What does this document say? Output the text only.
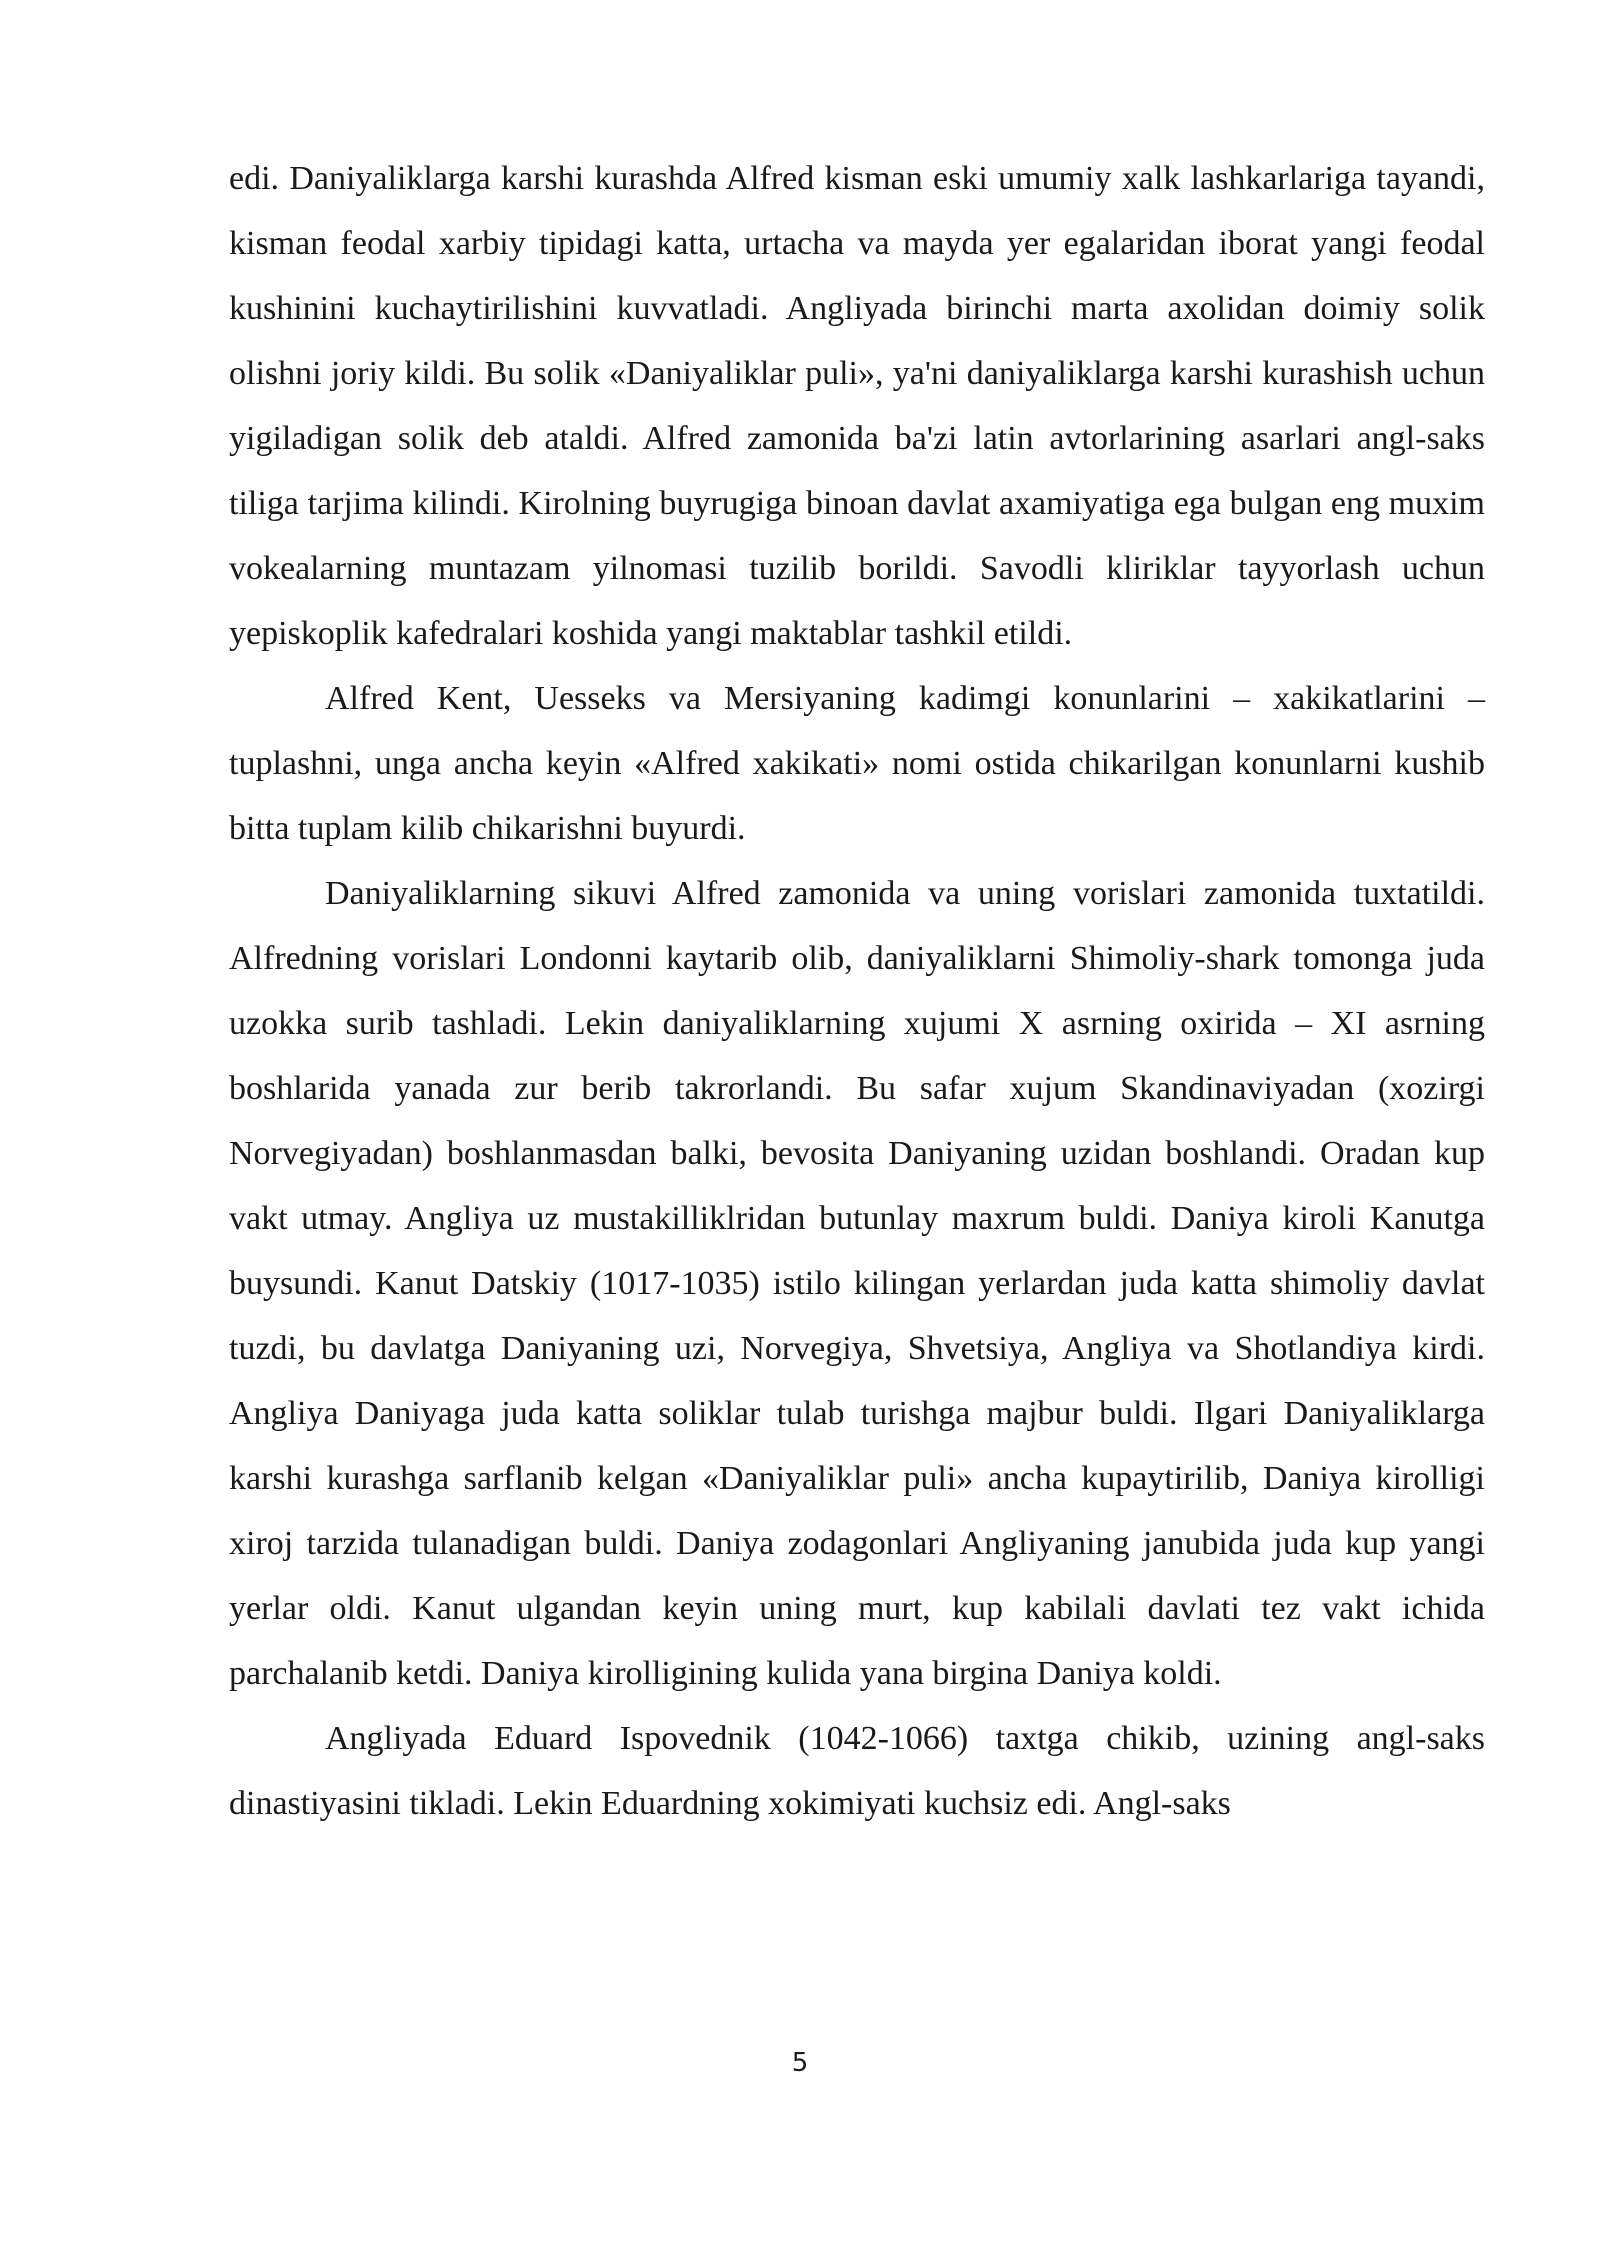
edi. Daniyaliklarga karshi kurashda Alfred kisman eski umumiy xalk lashkarlariga tayandi, kisman feodal xarbiy tipidagi katta, urtacha va mayda yer egalaridan iborat yangi feodal kushinini kuchaytirilishini kuvvatladi. Angliyada birinchi marta axolidan doimiy solik olishni joriy kildi. Bu solik «Daniyaliklar puli», ya'ni daniyaliklarga karshi kurashish uchun yigiladigan solik deb ataldi. Alfred zamonida ba'zi latin avtorlarining asarlari angl-saks tiliga tarjima kilindi. Kirolning buyrugiga binoan davlat axamiyatiga ega bulgan eng muxim vokealarning muntazam yilnomasi tuzilib borildi. Savodli kliriklar tayyorlash uchun yepiskoplik kafedralari koshida yangi maktablar tashkil etildi.

Alfred Kent, Uesseks va Mersiyaning kadimgi konunlarini – xakikatlarini – tuplashni, unga ancha keyin «Alfred xakikati» nomi ostida chikarilgan konunlarni kushib bitta tuplam kilib chikarishni buyurdi.

Daniyaliklarning sikuvi Alfred zamonida va uning vorislari zamonida tuxtatildi. Alfredning vorislari Londonni kaytarib olib, daniyaliklarni Shimoliy-shark tomonga juda uzokka surib tashladi. Lekin daniyaliklarning xujumi X asrning oxirida – XI asrning boshlarida yanada zur berib takrorlandi. Bu safar xujum Skandinaviyadan (xozirgi Norvegiyadan) boshlanmasdan balki, bevosita Daniyaning uzidan boshlandi. Oradan kup vakt utmay. Angliya uz mustakilliklridan butunlay maxrum buldi. Daniya kiroli Kanutga buysundi. Kanut Datskiy (1017-1035) istilo kilingan yerlardan juda katta shimoliy davlat tuzdi, bu davlatga Daniyaning uzi, Norvegiya, Shvetsiya, Angliya va Shotlandiya kirdi. Angliya Daniyaga juda katta soliklar tulab turishga majbur buldi. Ilgari Daniyaliklarga karshi kurashga sarflanib kelgan «Daniyaliklar puli» ancha kupaytirilib, Daniya kirolligi xiroj tarzida tulanadigan buldi. Daniya zodagonlari Angliyaning janubida juda kup yangi yerlar oldi. Kanut ulgandan keyin uning murt, kup kabilali davlati tez vakt ichida parchalanib ketdi. Daniya kirolligining kulida yana birgina Daniya koldi.

Angliyada Eduard Ispovednik (1042-1066) taxtga chikib, uzining angl-saks dinastiyasini tikladi. Lekin Eduardning xokimiyati kuchsiz edi. Angl-saks

5
